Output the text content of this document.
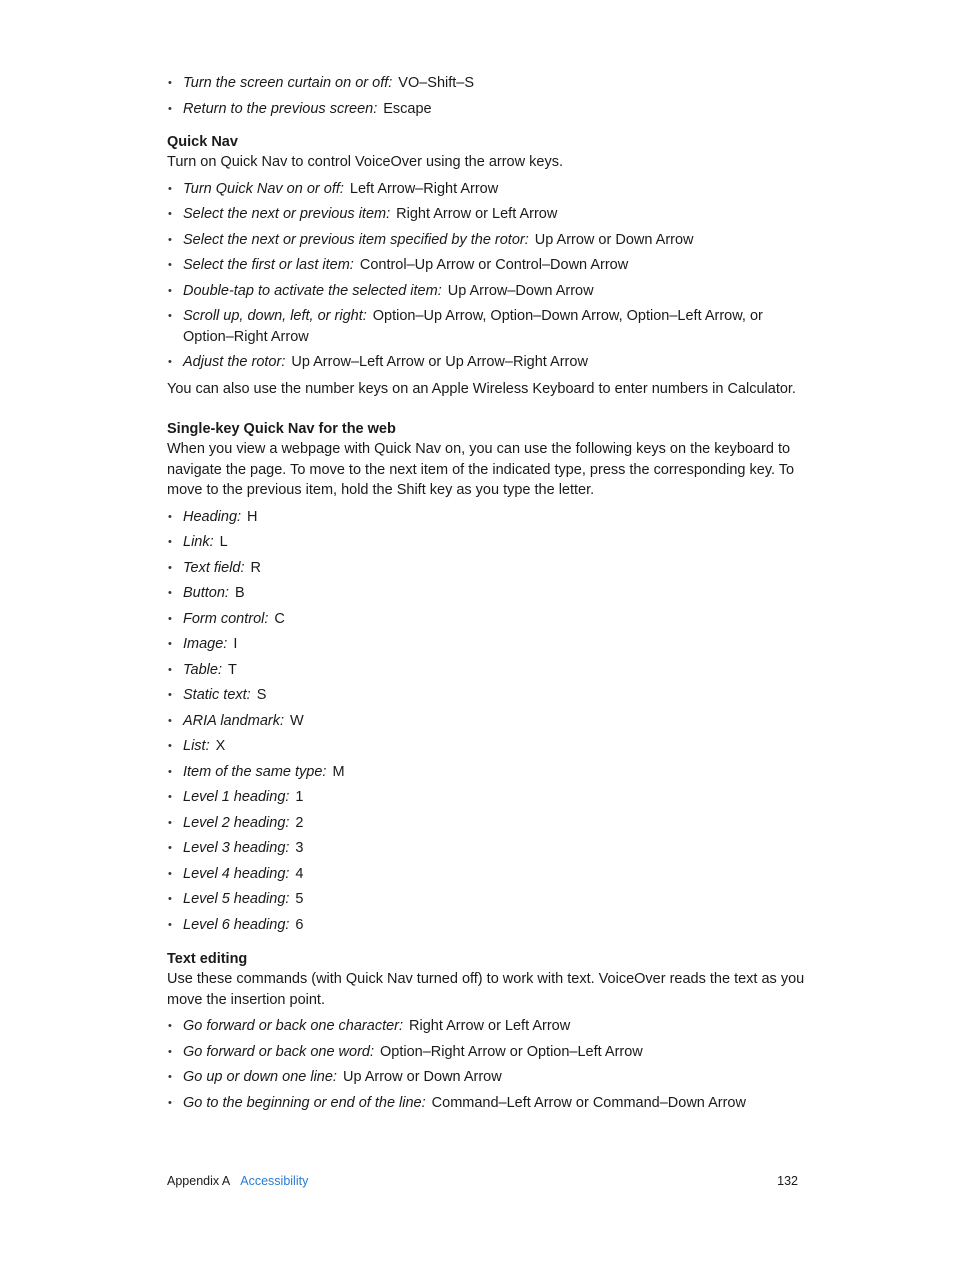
• Turn the screen curtain on or off: VO–Shift–S
• Return to the previous screen: Escape

Quick Nav

Turn on Quick Nav to control VoiceOver using the arrow keys.

• Turn Quick Nav on or off: Left Arrow–Right Arrow
• Select the next or previous item: Right Arrow or Left Arrow
• Select the next or previous item specified by the rotor: Up Arrow or Down Arrow
• Select the first or last item: Control–Up Arrow or Control–Down Arrow
• Double-tap to activate the selected item: Up Arrow–Down Arrow
• Scroll up, down, left, or right: Option–Up Arrow, Option–Down Arrow, Option–Left Arrow, or Option–Right Arrow
• Adjust the rotor: Up Arrow–Left Arrow or Up Arrow–Right Arrow

You can also use the number keys on an Apple Wireless Keyboard to enter numbers in Calculator.

Single-key Quick Nav for the web

When you view a webpage with Quick Nav on, you can use the following keys on the keyboard to navigate the page. To move to the next item of the indicated type, press the corresponding key. To move to the previous item, hold the Shift key as you type the letter.

• Heading: H
• Link: L
• Text field: R
• Button: B
• Form control: C
• Image: I
• Table: T
• Static text: S
• ARIA landmark: W
• List: X
• Item of the same type: M
• Level 1 heading: 1
• Level 2 heading: 2
• Level 3 heading: 3
• Level 4 heading: 4
• Level 5 heading: 5
• Level 6 heading: 6

Text editing

Use these commands (with Quick Nav turned off) to work with text. VoiceOver reads the text as you move the insertion point.

• Go forward or back one character: Right Arrow or Left Arrow
• Go forward or back one word: Option–Right Arrow or Option–Left Arrow
• Go up or down one line: Up Arrow or Down Arrow
• Go to the beginning or end of the line: Command–Left Arrow or Command–Down Arrow
Appendix A Accessibility	132
